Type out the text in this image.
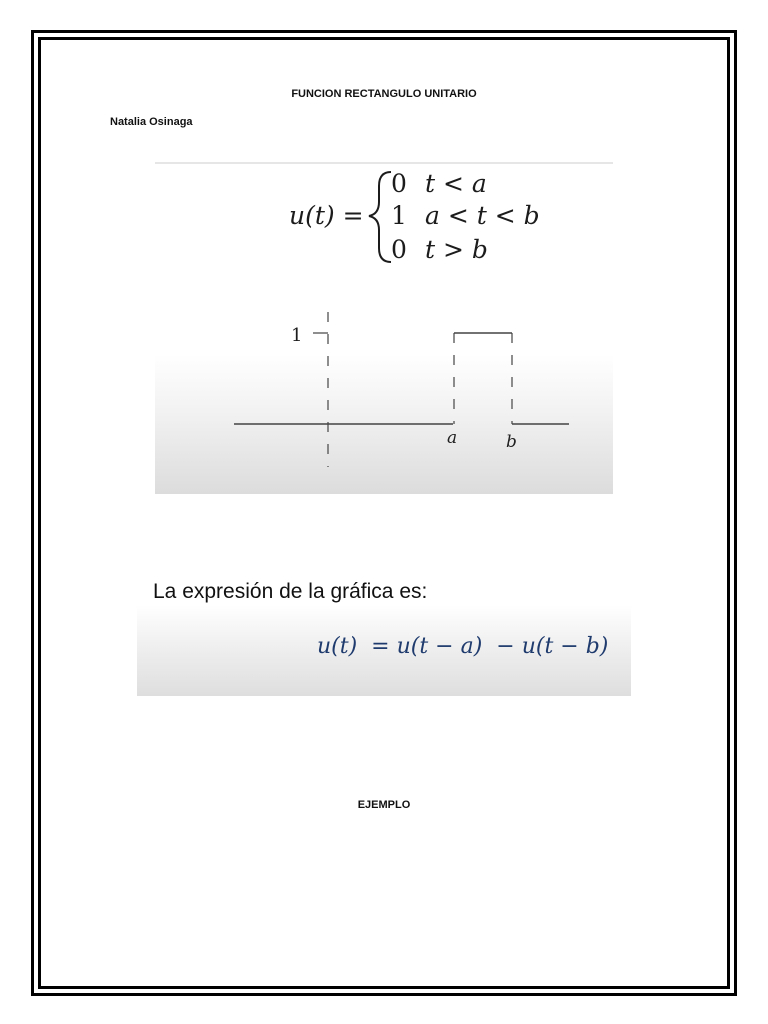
FUNCION RECTANGULO UNITARIO
Natalia Osinaga
u(t) =
0 t < a
1 a < t < b
0 t > b
1
a	b
La expresión de la gráfica es:
u(t)  = u(t − a)  − u(t − b)
EJEMPLO
